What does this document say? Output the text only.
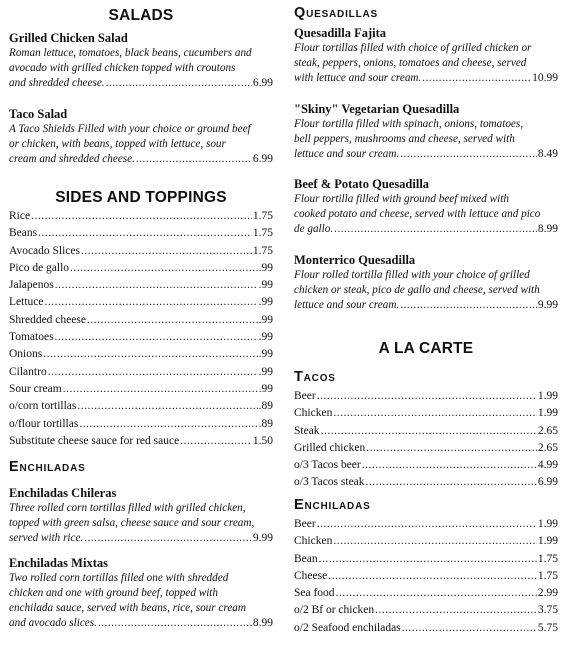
SALADS
Grilled Chicken Salad
Roman lettuce, tomatoes, black beans, cucumbers and
avocado with grilled chicken topped with croutons
and shredded cheese. .....	6.99
Taco Salad
A Taco Shields Filled with your choice or ground beef
or chicken, with beans, topped with lettuce, sour
cream and shredded cheese. .....	6.99
SIDES AND TOPPINGS
Rice .....	1.75
Beans .....	1.75
Avocado Slices .....	1.75
Pico de gallo .....	.99
Jalapenos .....	.99
Lettuce .....	.99
Shredded cheese .....	.99
Tomatoes .....	.99
Onions .....	.99
Cilantro .....	.99
Sour cream .....	.99
o/corn tortillas .....	.89
o/flour tortillas .....	.89
Substitute cheese sauce for red sauce .....	1.50
Enchiladas
Enchiladas Chileras
Three rolled corn tortillas filled with grilled chicken,
topped with green salsa, cheese sauce and sour cream,
served with rice. .....	9.99
Enchiladas Mixtas
Two rolled corn tortillas filled one with shredded
chicken and one with ground beef, topped with
enchilada sauce, served with beans, rice, sour cream
and avocado slices. .....	8.99
Quesadillas
Quesadilla Fajita
Flour tortillas filled with choice of grilled chicken or
steak, peppers, onions, tomatoes and cheese, served
with lettuce and sour cream. .....	10.99
"Skiny" Vegetarian Quesadilla
Flour tortilla filled with spinach, onions, tomatoes,
bell peppers, mushrooms and cheese, served with
lettuce and sour cream. .....	8.49
Beef & Potato Quesadilla
Flour tortilla filled with ground beef mixed with
cooked potato and cheese, served with lettuce and pico
de gallo. .....	8.99
Monterrico Quesadilla
Flour rolled tortilla filled with your choice of grilled
chicken or steak, pico de gallo and cheese, served with
lettuce and sour cream. .....	9.99
A LA CARTE
Tacos
Beer .....	1.99
Chicken .....	1.99
Steak .....	2.65
Grilled chicken .....	2.65
o/3 Tacos beer .....	4.99
o/3 Tacos steak .....	6.99
Enchiladas
Beer .....	1.99
Chicken .....	1.99
Bean .....	1.75
Cheese .....	1.75
Sea food .....	2.99
o/2 Bf or chicken .....	3.75
o/2 Seafood enchiladas .....	5.75
